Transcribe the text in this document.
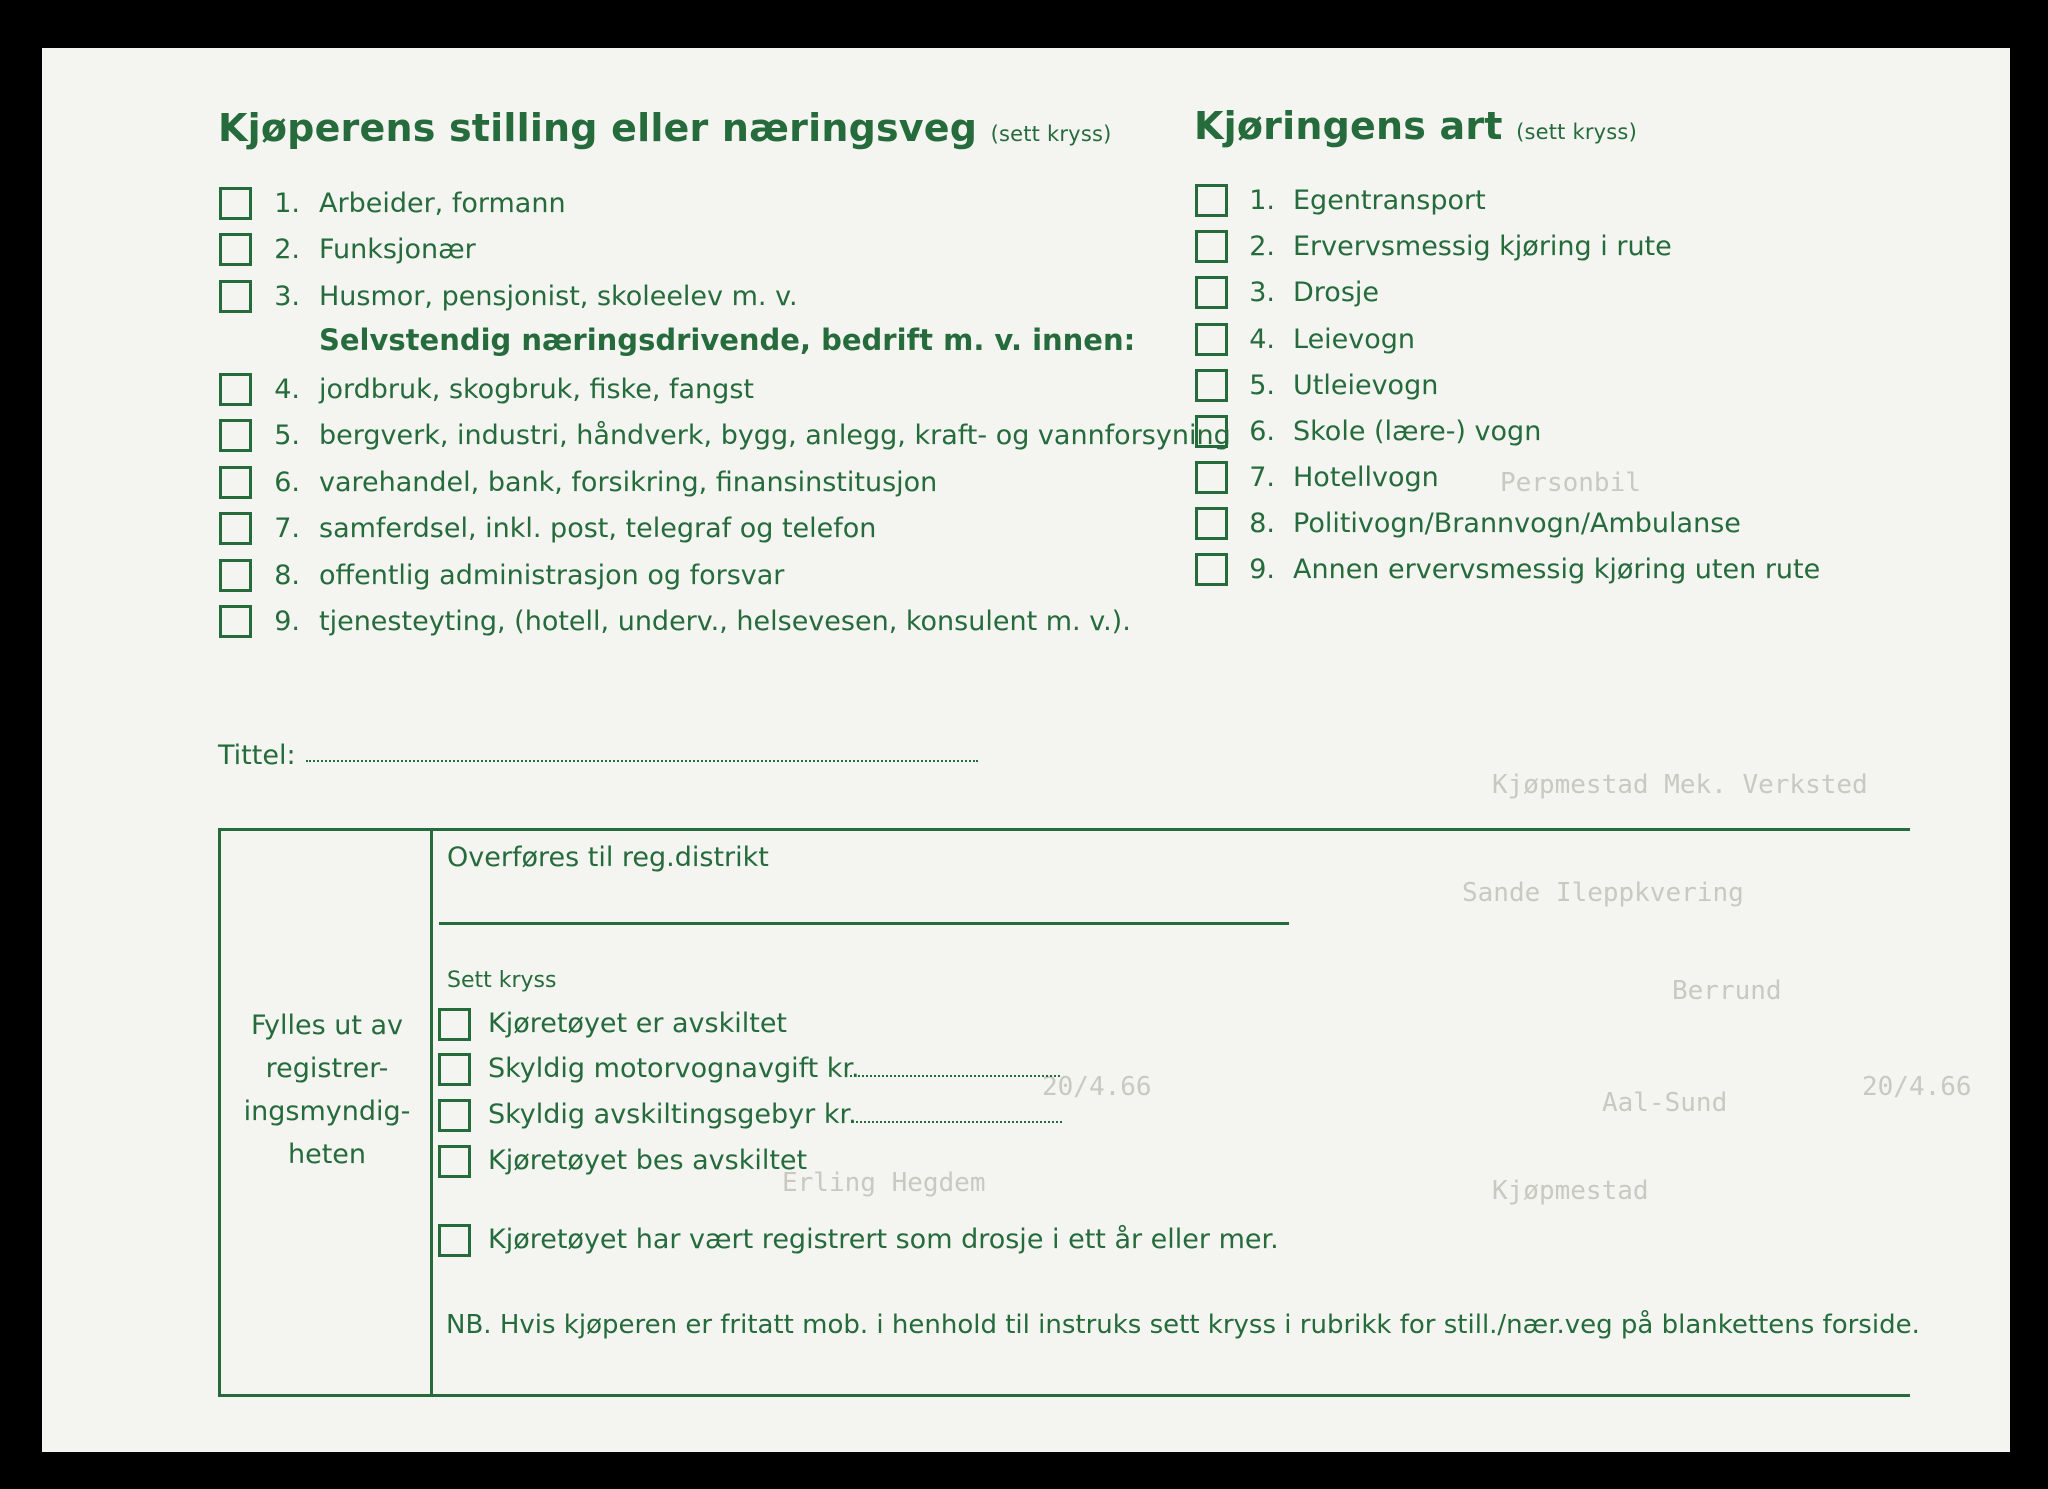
Personbil
Kjøpmestad Mek. Verksted
Sande Ileppkvering
Berrund
Aal-Sund
Kjøpmestad
Erling Hegdem
20/4.66	20/4.66
Kjøperens stilling eller næringsveg (sett kryss)
1. Arbeider, formann
2. Funksjonær
3. Husmor, pensjonist, skoleelev m. v.
Selvstendig næringsdrivende, bedrift m. v. innen:
4. jordbruk, skogbruk, fiske, fangst
5. bergverk, industri, håndverk, bygg, anlegg, kraft- og vannforsyning
6. varehandel, bank, forsikring, finansinstitusjon
7. samferdsel, inkl. post, telegraf og telefon
8. offentlig administrasjon og forsvar
9. tjenesteyting, (hotell, underv., helsevesen, konsulent m. v.).
Kjøringens art (sett kryss)
1. Egentransport
2. Ervervsmessig kjøring i rute
3. Drosje
4. Leievogn
5. Utleievogn
6. Skole (lære-) vogn
7. Hotellvogn
8. Politivogn/Brannvogn/Ambulanse
9. Annen ervervsmessig kjøring uten rute
Tittel:
Fylles ut av registrer-ingsmyndig-heten
Overføres til reg.distrikt
Sett kryss
Kjøretøyet er avskiltet
Skyldig motorvognavgift kr.
Skyldig avskiltingsgebyr kr.
Kjøretøyet bes avskiltet
Kjøretøyet har vært registrert som drosje i ett år eller mer.
NB. Hvis kjøperen er fritatt mob. i henhold til instruks sett kryss i rubrikk for still./nær.veg på blankettens forside.
